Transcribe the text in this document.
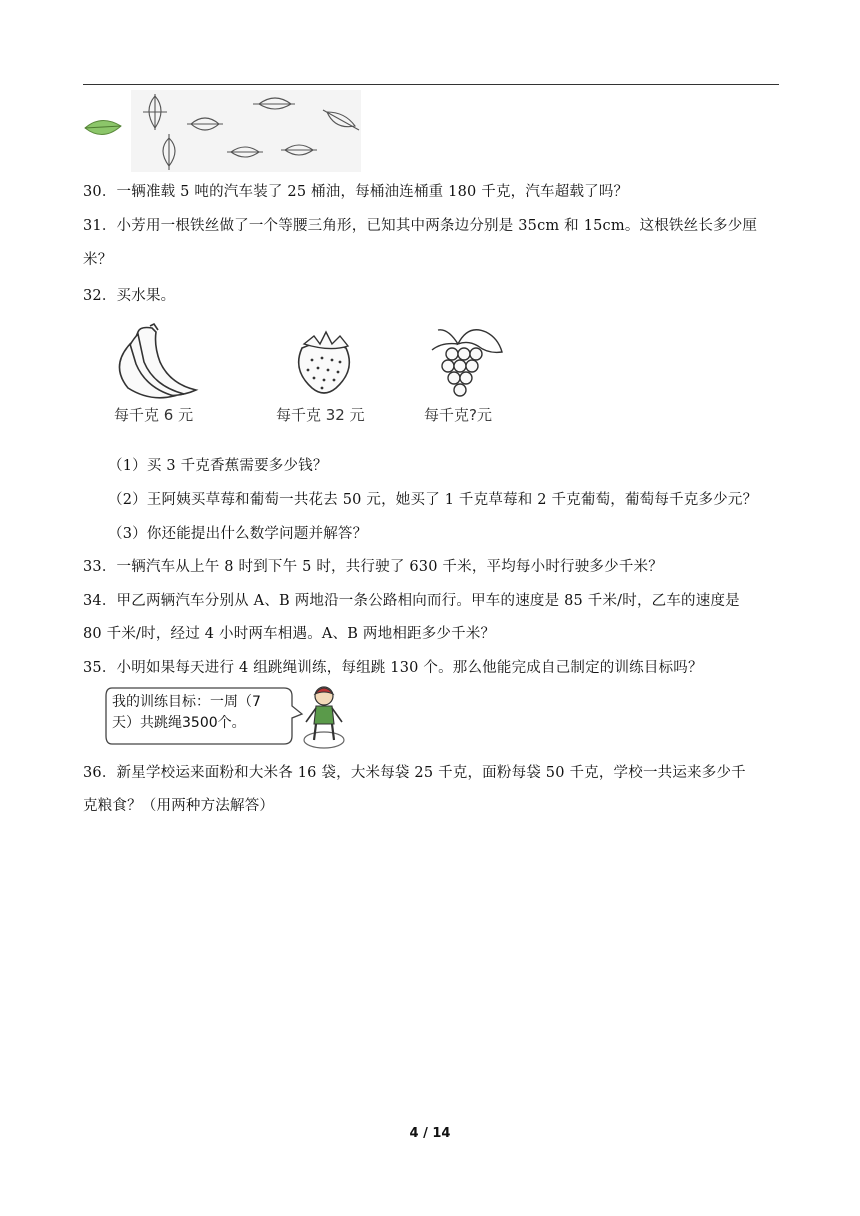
30．一辆准载 5 吨的汽车装了 25 桶油，每桶油连桶重 180 千克，汽车超载了吗？

31．小芳用一根铁丝做了一个等腰三角形，已知其中两条边分别是 35cm 和 15cm。这根铁丝长多少厘

米？

32．买水果。

每千克 6 元	每千克 32 元	每千克?元

（1）买 3 千克香蕉需要多少钱？

（2）王阿姨买草莓和葡萄一共花去 50 元，她买了 1 千克草莓和 2 千克葡萄，葡萄每千克多少元？

（3）你还能提出什么数学问题并解答？

33．一辆汽车从上午 8 时到下午 5 时，共行驶了 630 千米，平均每小时行驶多少千米？

34．甲乙两辆汽车分别从 A、B 两地沿一条公路相向而行。甲车的速度是 85 千米/时，乙车的速度是

80 千米/时，经过 4 小时两车相遇。A、B 两地相距多少千米？

35．小明如果每天进行 4 组跳绳训练，每组跳 130 个。那么他能完成自己制定的训练目标吗？

我的训练目标：一周（7
天）共跳绳3500个。

36．新星学校运来面粉和大米各 16 袋，大米每袋 25 千克，面粉每袋 50 千克，学校一共运来多少千

克粮食？（用两种方法解答）

4 / 14
